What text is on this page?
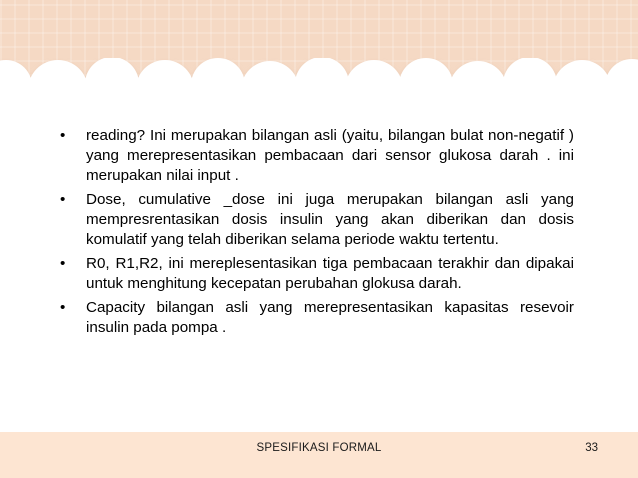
• reading? Ini merupakan bilangan asli (yaitu, bilangan bulat non-negatif ) yang merepresentasikan pembacaan dari sensor glukosa darah . ini merupakan nilai input .
• Dose, cumulative _dose ini juga merupakan bilangan asli yang mempresrentasikan dosis insulin yang akan diberikan dan dosis komulatif yang telah diberikan selama periode waktu tertentu.
• R0, R1,R2, ini mereplesentasikan tiga pembacaan terakhir dan dipakai untuk menghitung kecepatan perubahan glokusa darah.
• Capacity bilangan asli yang merepresentasikan kapasitas resevoir insulin pada pompa .
SPESIFIKASI FORMAL	33
